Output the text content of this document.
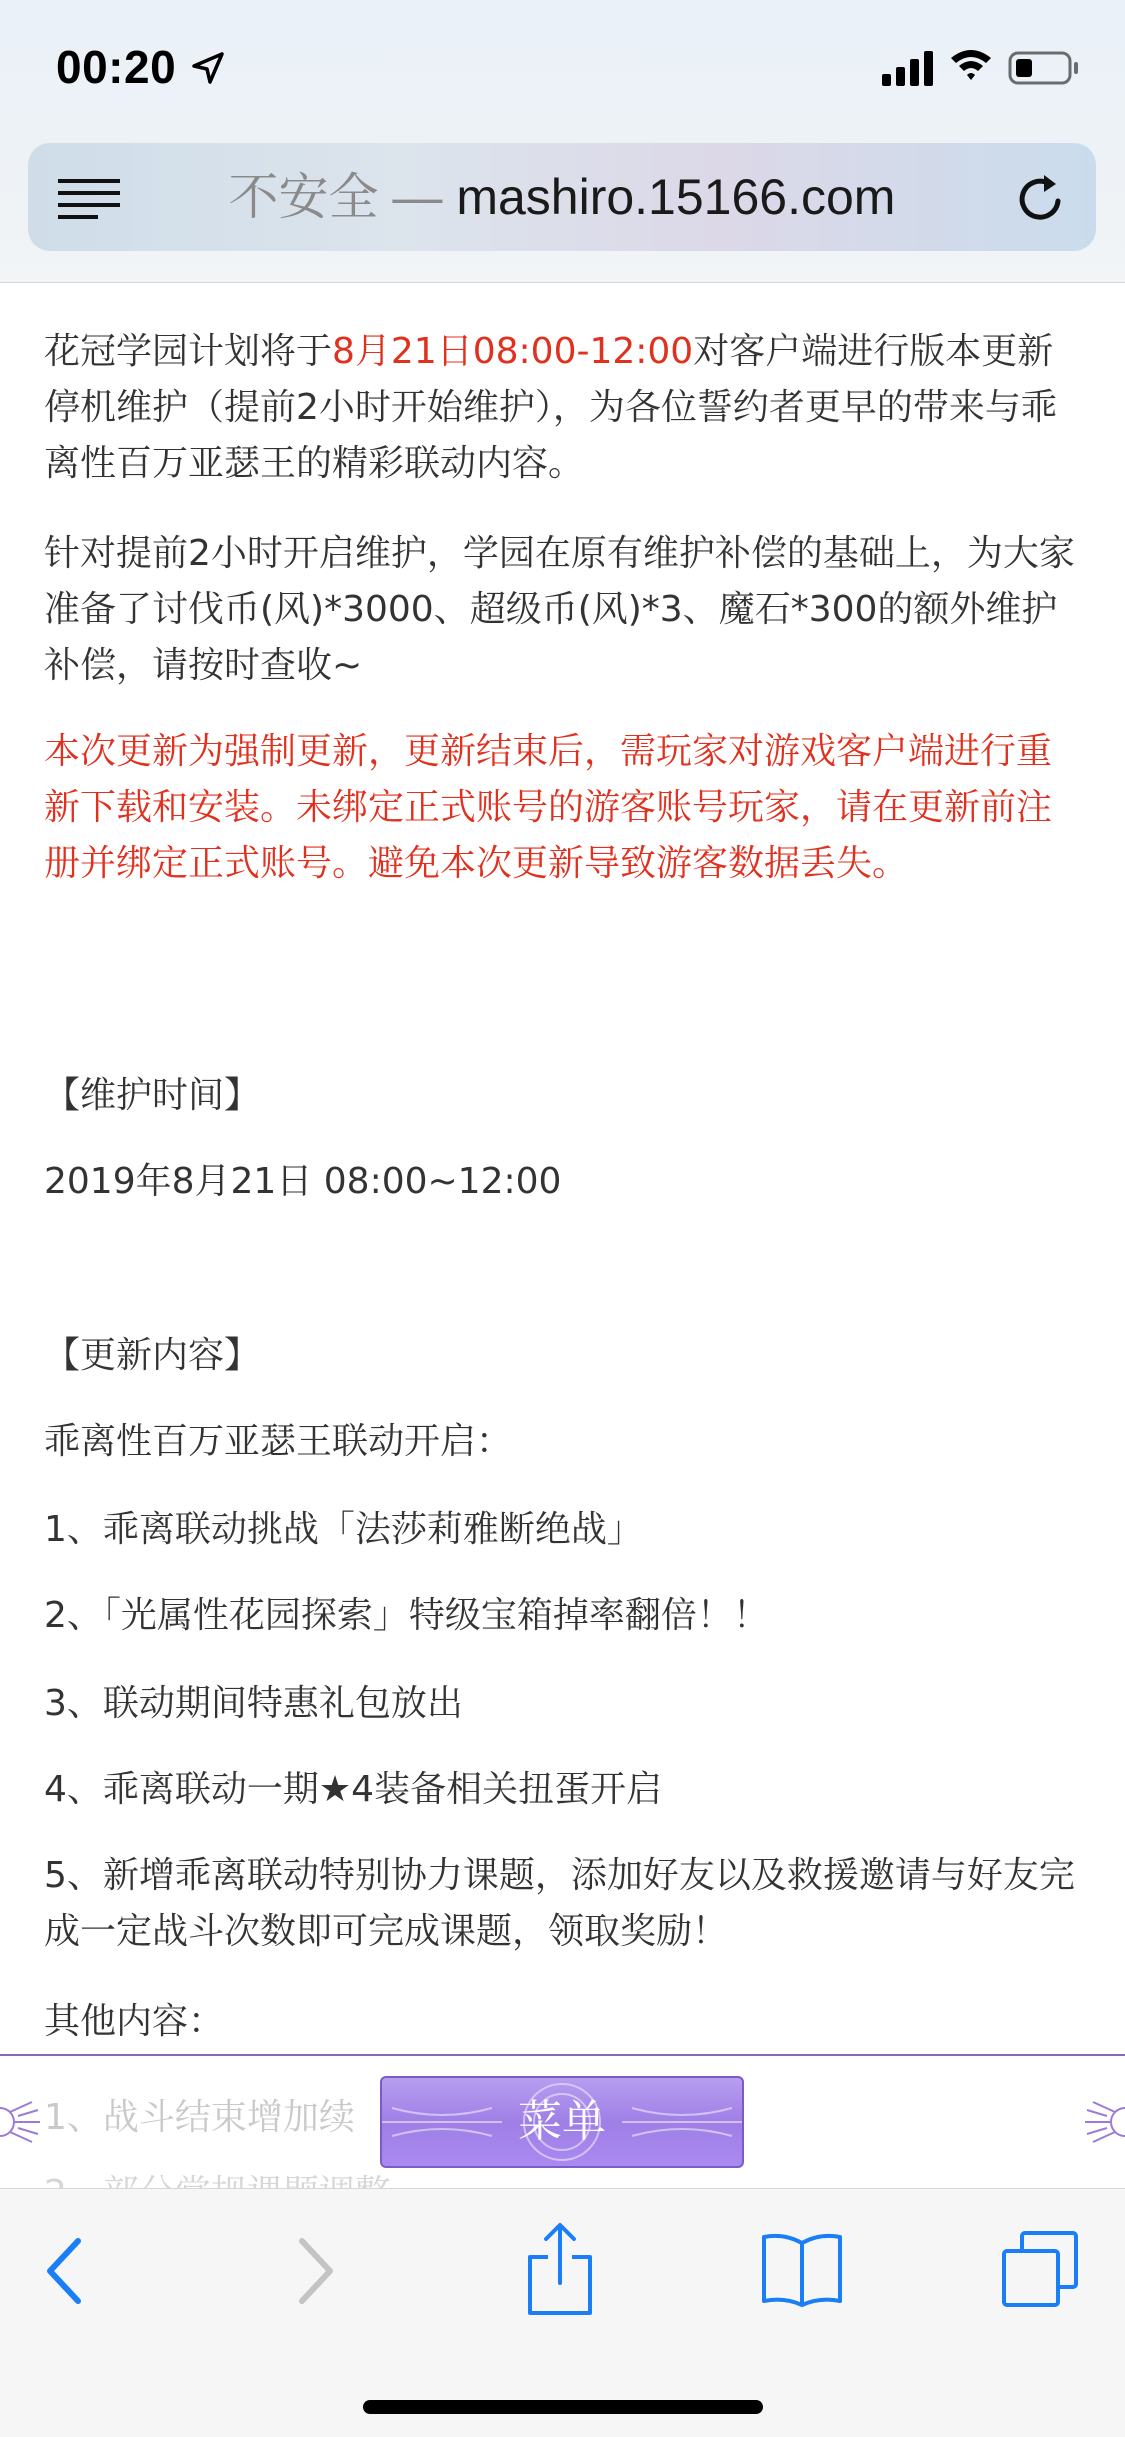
00:20
不安全 — mashiro.15166.com

花冠学园计划将于8月21日08:00-12:00对客户端进行版本更新停机维护（提前2小时开始维护），为各位誓约者更早的带来与乖离性百万亚瑟王的精彩联动内容。

针对提前2小时开启维护，学园在原有维护补偿的基础上，为大家准备了讨伐币(风)*3000、超级币(风)*3、魔石*300的额外维护补偿，请按时查收~

本次更新为强制更新，更新结束后，需玩家对游戏客户端进行重新下载和安装。未绑定正式账号的游客账号玩家，请在更新前注册并绑定正式账号。避免本次更新导致游客数据丢失。

【维护时间】
2019年8月21日 08:00~12:00
【更新内容】
乖离性百万亚瑟王联动开启：
1、乖离联动挑战「法莎莉雅断绝战」
2、「光属性花园探索」特级宝箱掉率翻倍！！
3、联动期间特惠礼包放出
4、乖离联动一期★4装备相关扭蛋开启

5、新增乖离联动特别协力课题，添加好友以及救援邀请与好友完成一定战斗次数即可完成课题，领取奖励！

其他内容：
1、战斗结束增加续	菜单
